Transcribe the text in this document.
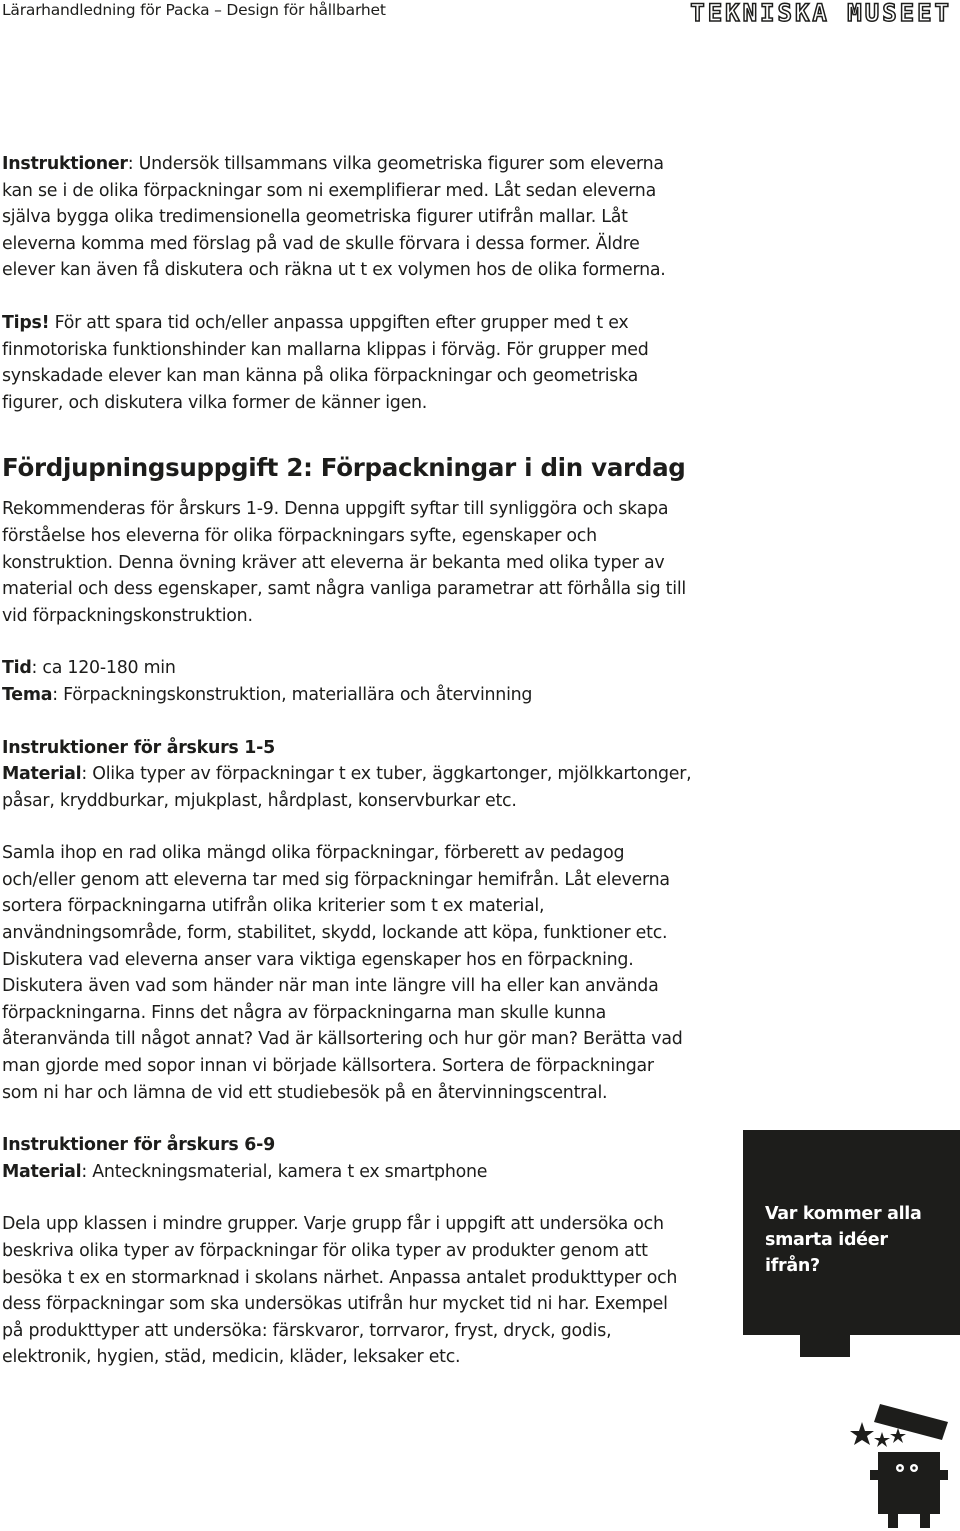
Lärarhandledning för Packa – Design för hållbarhet	TEKNISKA MUSEET

Instruktioner: Undersök tillsammans vilka geometriska figurer som eleverna kan se i de olika förpackningar som ni exemplifierar med. Låt sedan eleverna själva bygga olika tredimensionella geometriska figurer utifrån mallar. Låt eleverna komma med förslag på vad de skulle förvara i dessa former. Äldre elever kan även få diskutera och räkna ut t ex volymen hos de olika formerna.

Tips! För att spara tid och/eller anpassa uppgiften efter grupper med t ex finmotoriska funktionshinder kan mallarna klippas i förväg. För grupper med synskadade elever kan man känna på olika förpackningar och geometriska figurer, och diskutera vilka former de känner igen.

Fördjupningsuppgift 2: Förpackningar i din vardag

Rekommenderas för årskurs 1-9. Denna uppgift syftar till synliggöra och skapa förståelse hos eleverna för olika förpackningars syfte, egenskaper och konstruktion. Denna övning kräver att eleverna är bekanta med olika typer av material och dess egenskaper, samt några vanliga parametrar att förhålla sig till vid förpackningskonstruktion.

Tid: ca 120-180 min

Tema: Förpackningskonstruktion, materiallära och återvinning

Instruktioner för årskurs 1-5

Material: Olika typer av förpackningar t ex tuber, äggkartonger, mjölkkartonger, påsar, kryddburkar, mjukplast, hårdplast, konservburkar etc.

Samla ihop en rad olika mängd olika förpackningar, förberett av pedagog och/eller genom att eleverna tar med sig förpackningar hemifrån. Låt eleverna sortera förpackningarna utifrån olika kriterier som t ex material, användningsområde, form, stabilitet, skydd, lockande att köpa, funktioner etc. Diskutera vad eleverna anser vara viktiga egenskaper hos en förpackning. Diskutera även vad som händer när man inte längre vill ha eller kan använda förpackningarna. Finns det några av förpackningarna man skulle kunna återanvända till något annat? Vad är källsortering och hur gör man? Berätta vad man gjorde med sopor innan vi började källsortera. Sortera de förpackningar som ni har och lämna de vid ett studiebesök på en återvinningscentral.

Instruktioner för årskurs 6-9

Material: Anteckningsmaterial, kamera t ex smartphone

Dela upp klassen i mindre grupper. Varje grupp får i uppgift att undersöka och beskriva olika typer av förpackningar för olika typer av produkter genom att besöka t ex en stormarknad i skolans närhet. Anpassa antalet produkttyper och dess förpackningar som ska undersökas utifrån hur mycket tid ni har. Exempel på produkttyper att undersöka: färskvaror, torrvaror, fryst, dryck, godis, elektronik, hygien, städ, medicin, kläder, leksaker etc.

Var kommer alla smarta idéer ifrån?
